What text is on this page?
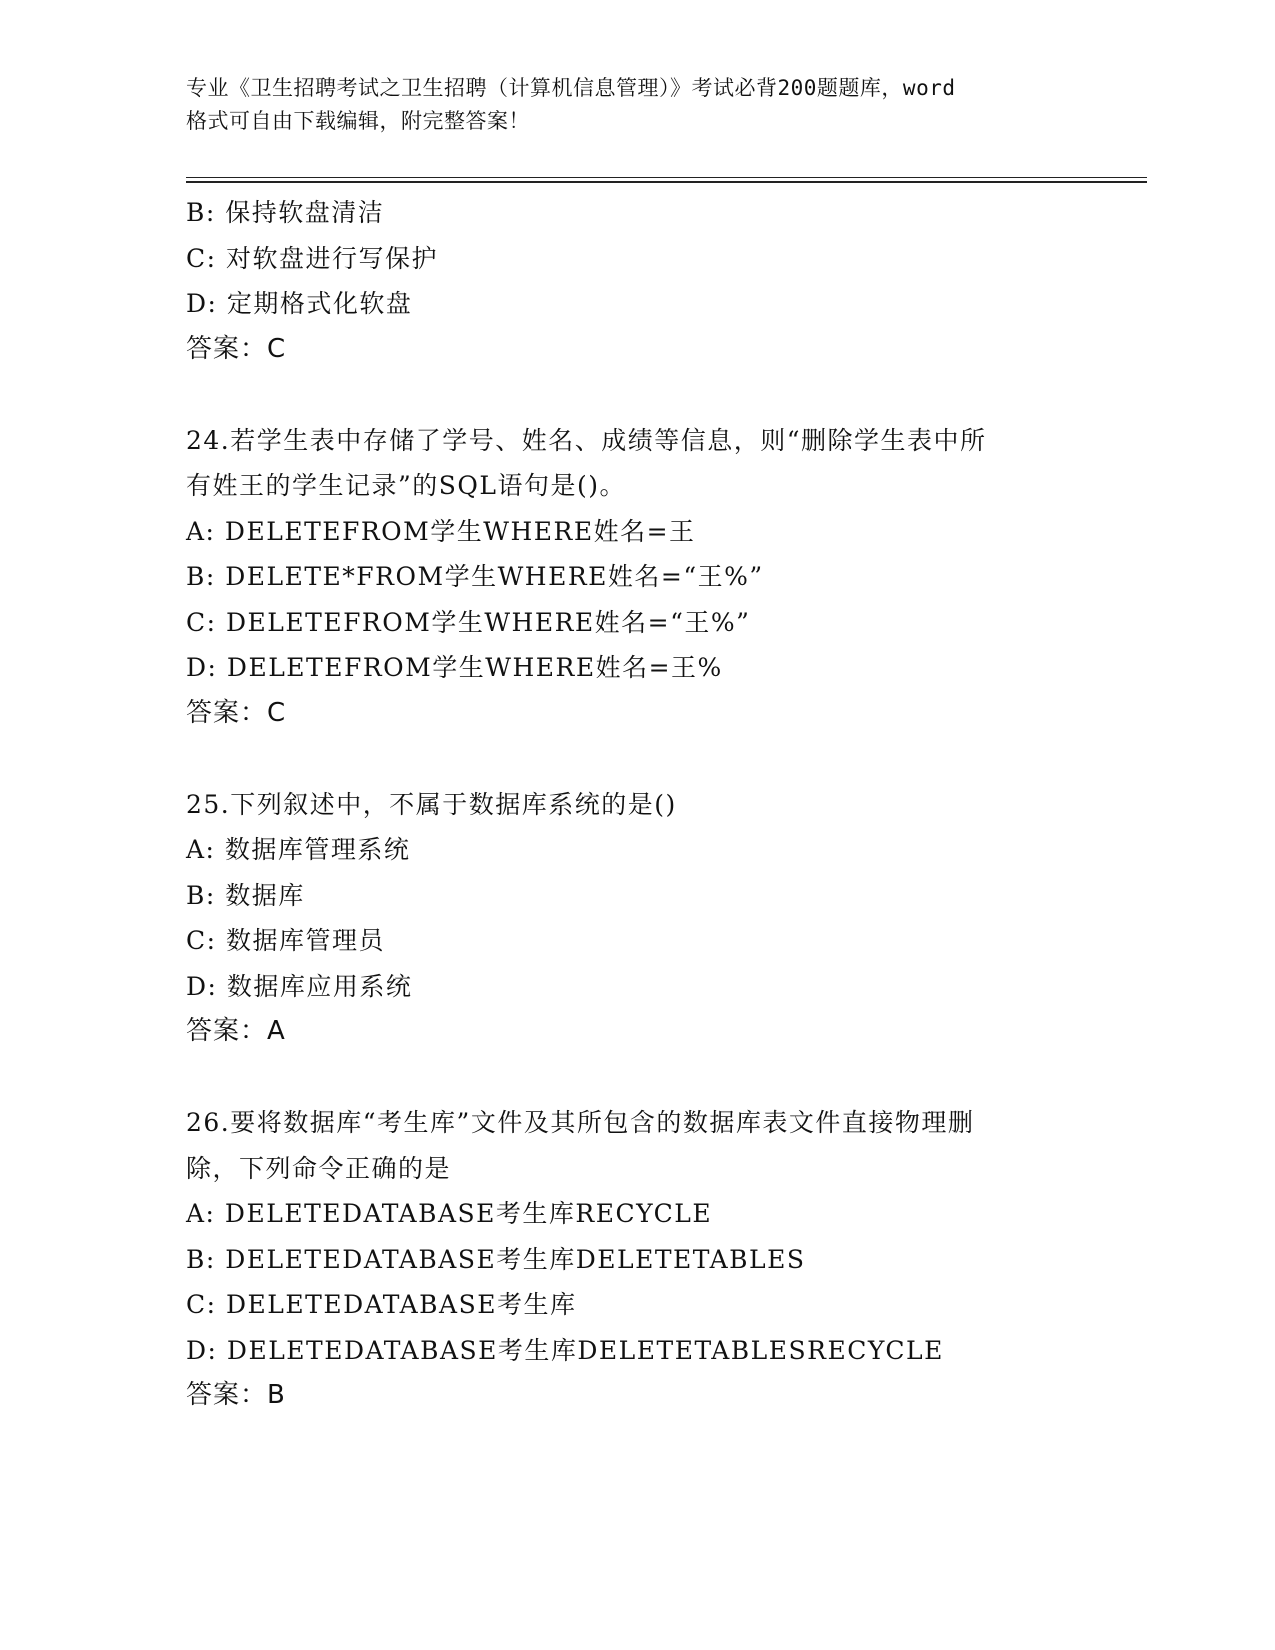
专业《卫生招聘考试之卫生招聘（计算机信息管理）》考试必背200题题库，word
格式可自由下载编辑，附完整答案！
B: 保持软盘清洁
C: 对软盘进行写保护
D: 定期格式化软盘
答案：C
24.若学生表中存储了学号、姓名、成绩等信息，则“删除学生表中所
有姓王的学生记录”的SQL语句是()。
A: DELETEFROM学生WHERE姓名=王
B: DELETE*FROM学生WHERE姓名=“王%”
C: DELETEFROM学生WHERE姓名=“王%”
D: DELETEFROM学生WHERE姓名=王%
答案：C
25.下列叙述中，不属于数据库系统的是()
A: 数据库管理系统
B: 数据库
C: 数据库管理员
D: 数据库应用系统
答案：A
26.要将数据库“考生库”文件及其所包含的数据库表文件直接物理删
除，下列命令正确的是
A: DELETEDATABASE考生库RECYCLE
B: DELETEDATABASE考生库DELETETABLES
C: DELETEDATABASE考生库
D: DELETEDATABASE考生库DELETETABLESRECYCLE
答案：B
